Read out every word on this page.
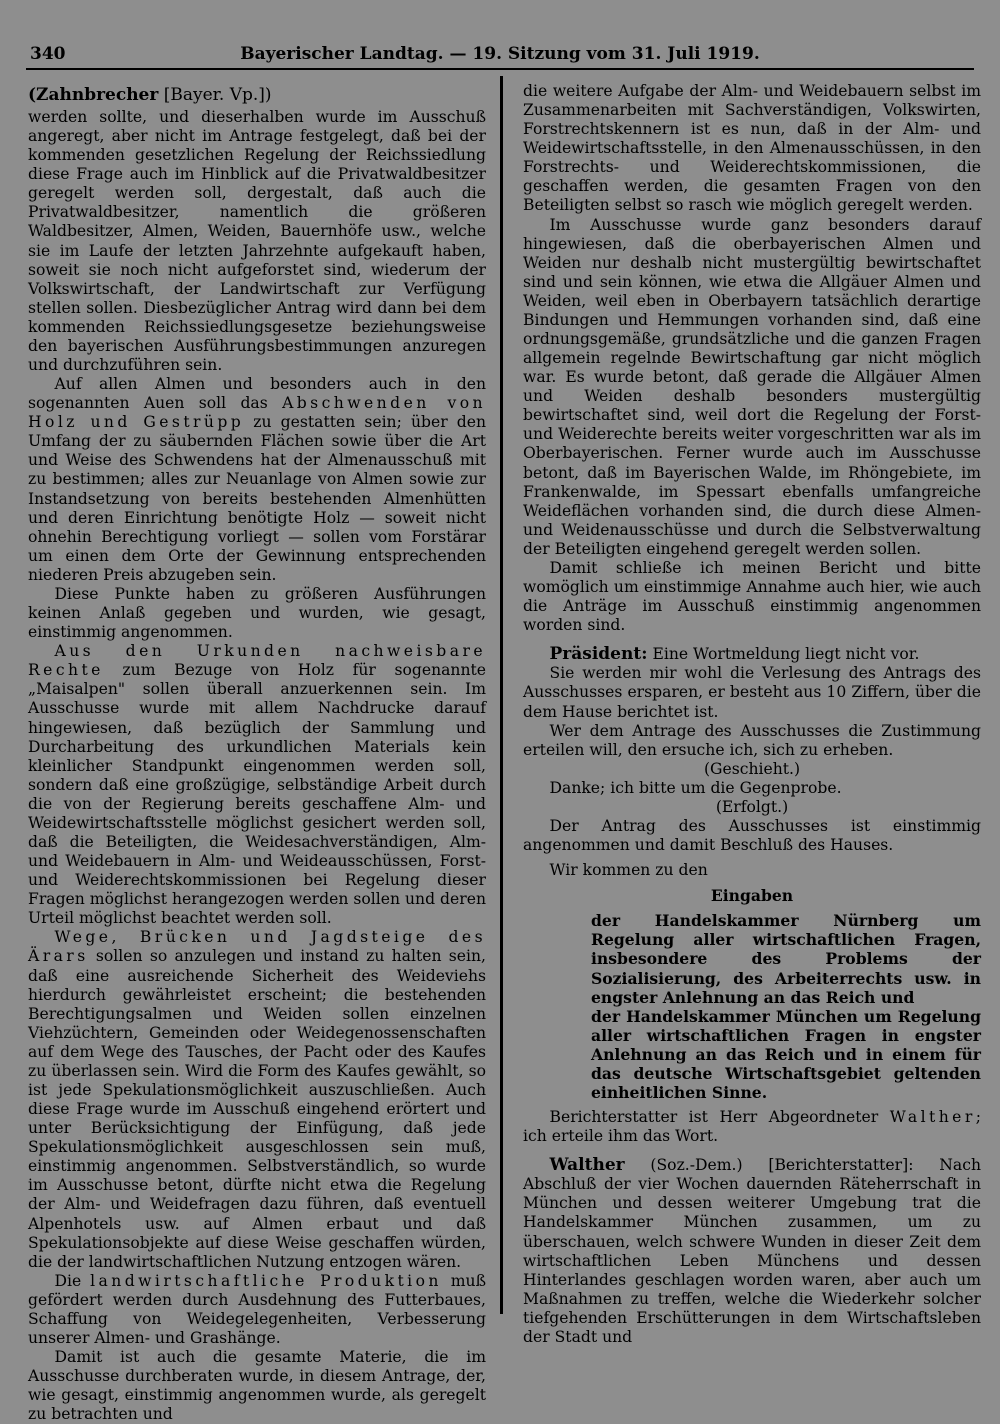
340	Bayerischer Landtag. — 19. Sitzung vom 31. Juli 1919.

(Zahnbrecher [Bayer. Vp.])

werden sollte, und dieserhalben wurde im Ausschuß angeregt, aber nicht im Antrage festgelegt, daß bei der kommenden gesetzlichen Regelung der Reichssiedlung diese Frage auch im Hinblick auf die Privatwaldbesitzer geregelt werden soll, dergestalt, daß auch die Privatwaldbesitzer, namentlich die größeren Waldbesitzer, Almen, Weiden, Bauernhöfe usw., welche sie im Laufe der letzten Jahrzehnte aufgekauft haben, soweit sie noch nicht aufgeforstet sind, wiederum der Volkswirtschaft, der Landwirtschaft zur Verfügung stellen sollen. Diesbezüglicher Antrag wird dann bei dem kommenden Reichssiedlungsgesetze beziehungsweise den bayerischen Ausführungsbestimmungen anzuregen und durchzuführen sein.

Auf allen Almen und besonders auch in den sogenannten Auen soll das Abschwenden von Holz und Gestrüpp zu gestatten sein; über den Umfang der zu säubernden Flächen sowie über die Art und Weise des Schwendens hat der Almenausschuß mit zu bestimmen; alles zur Neuanlage von Almen sowie zur Instandsetzung von bereits bestehenden Almenhütten und deren Einrichtung benötigte Holz — soweit nicht ohnehin Berechtigung vorliegt — sollen vom Forstärar um einen dem Orte der Gewinnung entsprechenden niederen Preis abzugeben sein.

Diese Punkte haben zu größeren Ausführungen keinen Anlaß gegeben und wurden, wie gesagt, einstimmig angenommen.

Aus den Urkunden nachweisbare Rechte zum Bezuge von Holz für sogenannte „Maisalpen" sollen überall anzuerkennen sein. Im Ausschusse wurde mit allem Nachdrucke darauf hingewiesen, daß bezüglich der Sammlung und Durcharbeitung des urkundlichen Materials kein kleinlicher Standpunkt eingenommen werden soll, sondern daß eine großzügige, selbständige Arbeit durch die von der Regierung bereits geschaffene Alm- und Weidewirtschaftsstelle möglichst gesichert werden soll, daß die Beteiligten, die Weidesachverständigen, Alm- und Weidebauern in Alm- und Weideausschüssen, Forst- und Weiderechtskommissionen bei Regelung dieser Fragen möglichst herangezogen werden sollen und deren Urteil möglichst beachtet werden soll.

Wege, Brücken und Jagdsteige des Ärars sollen so anzulegen und instand zu halten sein, daß eine ausreichende Sicherheit des Weideviehs hierdurch gewährleistet erscheint; die bestehenden Berechtigungsalmen und Weiden sollen einzelnen Viehzüchtern, Gemeinden oder Weidegenossenschaften auf dem Wege des Tausches, der Pacht oder des Kaufes zu überlassen sein. Wird die Form des Kaufes gewählt, so ist jede Spekulationsmöglichkeit auszuschließen. Auch diese Frage wurde im Ausschuß eingehend erörtert und unter Berücksichtigung der Einfügung, daß jede Spekulationsmöglichkeit ausgeschlossen sein muß, einstimmig angenommen. Selbstverständlich, so wurde im Ausschusse betont, dürfte nicht etwa die Regelung der Alm- und Weidefragen dazu führen, daß eventuell Alpenhotels usw. auf Almen erbaut und daß Spekulationsobjekte auf diese Weise geschaffen würden, die der landwirtschaftlichen Nutzung entzogen wären.

Die landwirtschaftliche Produktion muß gefördert werden durch Ausdehnung des Futterbaues, Schaffung von Weidegelegenheiten, Verbesserung unserer Almen- und Grashänge.

Damit ist auch die gesamte Materie, die im Ausschusse durchberaten wurde, in diesem Antrage, der, wie gesagt, einstimmig angenommen wurde, als geregelt zu betrachten und

die weitere Aufgabe der Alm- und Weidebauern selbst im Zusammenarbeiten mit Sachverständigen, Volkswirten, Forstrechtskennern ist es nun, daß in der Alm- und Weidewirtschaftsstelle, in den Almenausschüssen, in den Forstrechts- und Weiderechtskommissionen, die geschaffen werden, die gesamten Fragen von den Beteiligten selbst so rasch wie möglich geregelt werden.

Im Ausschusse wurde ganz besonders darauf hingewiesen, daß die oberbayerischen Almen und Weiden nur deshalb nicht mustergültig bewirtschaftet sind und sein können, wie etwa die Allgäuer Almen und Weiden, weil eben in Oberbayern tatsächlich derartige Bindungen und Hemmungen vorhanden sind, daß eine ordnungsgemäße, grundsätzliche und die ganzen Fragen allgemein regelnde Bewirtschaftung gar nicht möglich war. Es wurde betont, daß gerade die Allgäuer Almen und Weiden deshalb besonders mustergültig bewirtschaftet sind, weil dort die Regelung der Forst- und Weiderechte bereits weiter vorgeschritten war als im Oberbayerischen. Ferner wurde auch im Ausschusse betont, daß im Bayerischen Walde, im Rhöngebiete, im Frankenwalde, im Spessart ebenfalls umfangreiche Weideflächen vorhanden sind, die durch diese Almen- und Weidenausschüsse und durch die Selbstverwaltung der Beteiligten eingehend geregelt werden sollen.

Damit schließe ich meinen Bericht und bitte womöglich um einstimmige Annahme auch hier, wie auch die Anträge im Ausschuß einstimmig angenommen worden sind.

Präsident: Eine Wortmeldung liegt nicht vor.

Sie werden mir wohl die Verlesung des Antrags des Ausschusses ersparen, er besteht aus 10 Ziffern, über die dem Hause berichtet ist.

Wer dem Antrage des Ausschusses die Zustimmung erteilen will, den ersuche ich, sich zu erheben.

(Geschieht.)

Danke; ich bitte um die Gegenprobe.

(Erfolgt.)

Der Antrag des Ausschusses ist einstimmig angenommen und damit Beschluß des Hauses.

Wir kommen zu den

Eingaben

der Handelskammer Nürnberg um Regelung aller wirtschaftlichen Fragen, insbesondere des Problems der Sozialisierung, des Arbeiterrechts usw. in engster Anlehnung an das Reich und

der Handelskammer München um Regelung aller wirtschaftlichen Fragen in engster Anlehnung an das Reich und in einem für das deutsche Wirtschaftsgebiet geltenden einheitlichen Sinne.

Berichterstatter ist Herr Abgeordneter Walther; ich erteile ihm das Wort.

Walther (Soz.-Dem.) [Berichterstatter]: Nach Abschluß der vier Wochen dauernden Räteherrschaft in München und dessen weiterer Umgebung trat die Handelskammer München zusammen, um zu überschauen, welch schwere Wunden in dieser Zeit dem wirtschaftlichen Leben Münchens und dessen Hinterlandes geschlagen worden waren, aber auch um Maßnahmen zu treffen, welche die Wiederkehr solcher tiefgehenden Erschütterungen in dem Wirtschaftsleben der Stadt und
